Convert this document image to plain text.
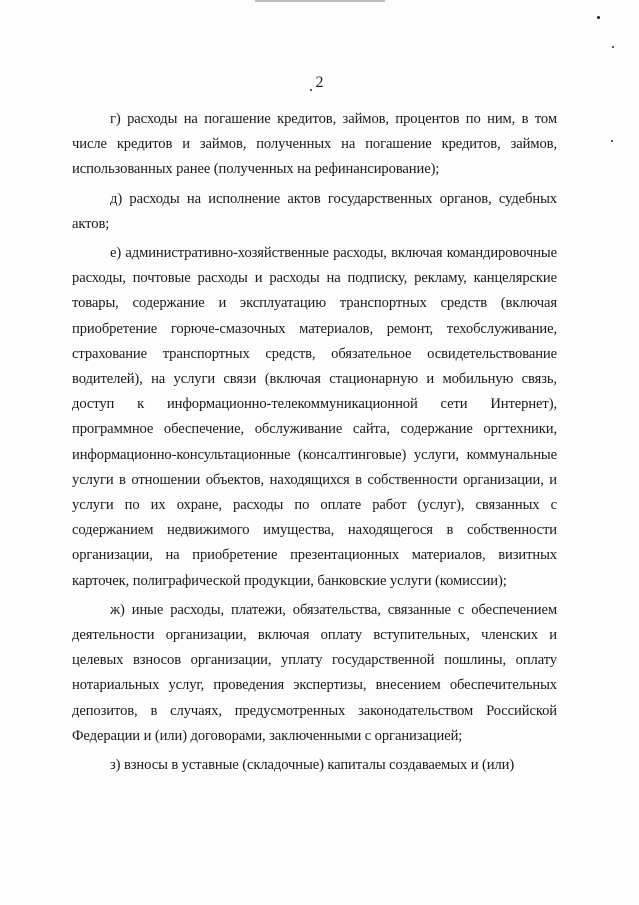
2

г) расходы на погашение кредитов, займов, процентов по ним, в том числе кредитов и займов, полученных на погашение кредитов, займов, использованных ранее (полученных на рефинансирование);

д) расходы на исполнение актов государственных органов, судебных актов;

е) административно-хозяйственные расходы, включая командировочные расходы, почтовые расходы и расходы на подписку, рекламу, канцелярские товары, содержание и эксплуатацию транспортных средств (включая приобретение горюче-смазочных материалов, ремонт, техобслуживание, страхование транспортных средств, обязательное освидетельствование водителей), на услуги связи (включая стационарную и мобильную связь, доступ к информационно-телекоммуникационной сети Интернет), программное обеспечение, обслуживание сайта, содержание оргтехники, информационно-консультационные (консалтинговые) услуги, коммунальные услуги в отношении объектов, находящихся в собственности организации, и услуги по их охране, расходы по оплате работ (услуг), связанных с содержанием недвижимого имущества, находящегося в собственности организации, на приобретение презентационных материалов, визитных карточек, полиграфической продукции, банковские услуги (комиссии);

ж) иные расходы, платежи, обязательства, связанные с обеспечением деятельности организации, включая оплату вступительных, членских и целевых взносов организации, уплату государственной пошлины, оплату нотариальных услуг, проведения экспертизы, внесением обеспечительных депозитов, в случаях, предусмотренных законодательством Российской Федерации и (или) договорами, заключенными с организацией;

з) взносы в уставные (складочные) капиталы создаваемых и (или)
